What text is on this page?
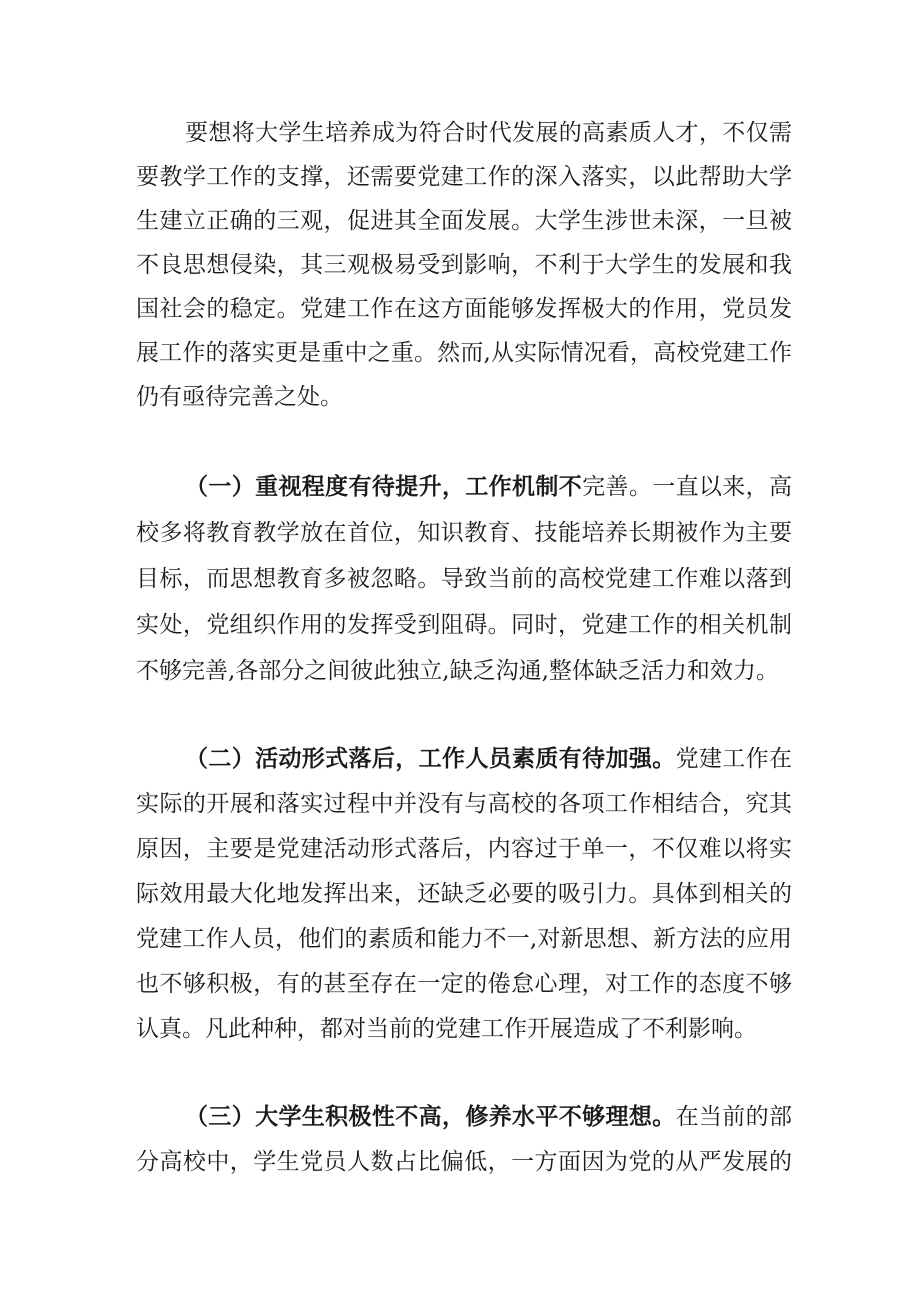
要想将大学生培养成为符合时代发展的高素质人才，不仅需
要教学工作的支撑，还需要党建工作的深入落实，以此帮助大学
生建立正确的三观，促进其全面发展。大学生涉世未深，一旦被
不良思想侵染，其三观极易受到影响，不利于大学生的发展和我
国社会的稳定。党建工作在这方面能够发挥极大的作用，党员发
展工作的落实更是重中之重。然而,从实际情况看，高校党建工作
仍有亟待完善之处。
（一）重视程度有待提升，工作机制不完善。一直以来，高
校多将教育教学放在首位，知识教育、技能培养长期被作为主要
目标，而思想教育多被忽略。导致当前的高校党建工作难以落到
实处，党组织作用的发挥受到阻碍。同时，党建工作的相关机制
不够完善,各部分之间彼此独立,缺乏沟通,整体缺乏活力和效力。
（二）活动形式落后，工作人员素质有待加强。党建工作在
实际的开展和落实过程中并没有与高校的各项工作相结合，究其
原因，主要是党建活动形式落后，内容过于单一，不仅难以将实
际效用最大化地发挥出来，还缺乏必要的吸引力。具体到相关的
党建工作人员，他们的素质和能力不一,对新思想、新方法的应用
也不够积极，有的甚至存在一定的倦怠心理，对工作的态度不够
认真。凡此种种，都对当前的党建工作开展造成了不利影响。
（三）大学生积极性不高，修养水平不够理想。在当前的部
分高校中，学生党员人数占比偏低，一方面因为党的从严发展的
